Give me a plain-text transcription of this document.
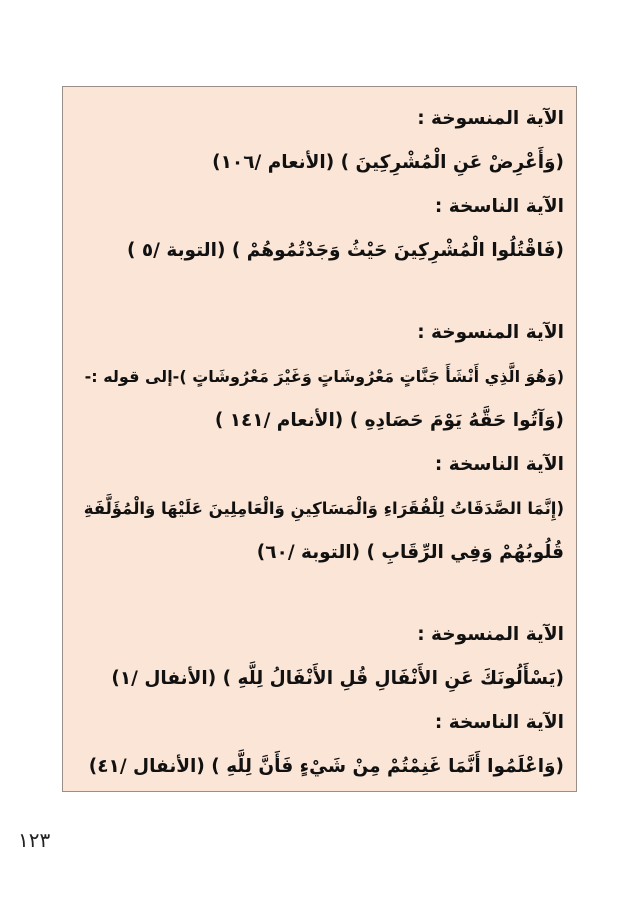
الآية المنسوخة :
(وَأَعْرِضْ عَنِ الْمُشْرِكِينَ ) (الأنعام /١٠٦)
الآية الناسخة :
(فَاقْتُلُوا الْمُشْرِكِينَ حَيْثُ وَجَدْتُمُوهُمْ ) (التوبة /٥ )
الآية المنسوخة :
(وَهُوَ الَّذِي أَنْشَأَ جَنَّاتٍ مَعْرُوشَاتٍ وَغَيْرَ مَعْرُوشَاتٍ )-إلى قوله :-
(وَآتُوا حَقَّهُ يَوْمَ حَصَادِهِ ) (الأنعام /١٤١ )
الآية الناسخة :
(إِنَّمَا الصَّدَقَاتُ لِلْفُقَرَاءِ وَالْمَسَاكِينِ وَالْعَامِلِينَ عَلَيْهَا وَالْمُؤَلَّفَةِ
قُلُوبُهُمْ وَفِي الرِّقَابِ ) (التوبة /٦٠)
الآية المنسوخة :
(يَسْأَلُونَكَ عَنِ الأَنْفَالِ قُلِ الأَنْفَالُ لِلَّهِ ) (الأنفال /١)
الآية الناسخة :
(وَاعْلَمُوا أَنَّمَا غَنِمْتُمْ مِنْ شَيْءٍ فَأَنَّ لِلَّهِ ) (الأنفال /٤١)
١٢٣
